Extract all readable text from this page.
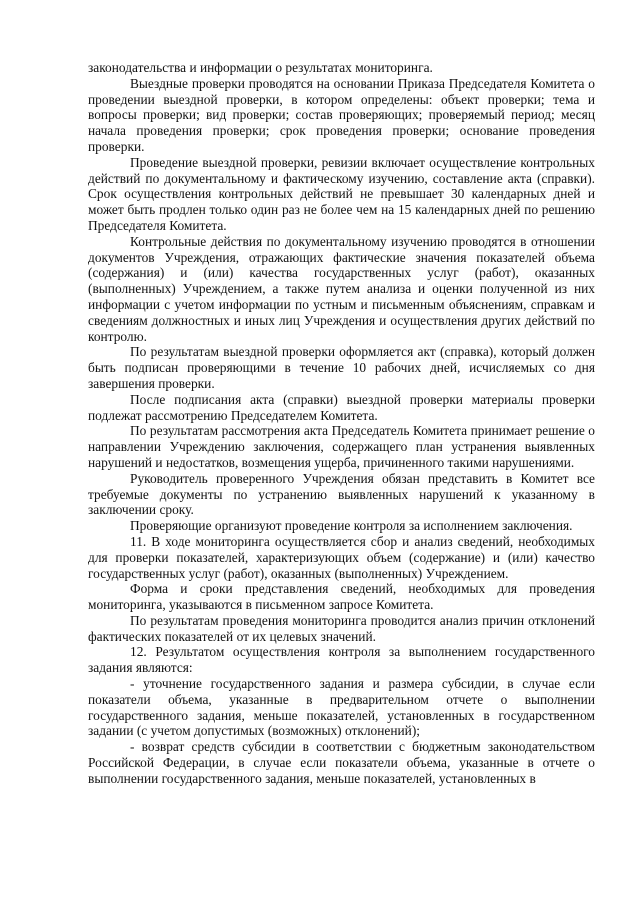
законодательства и информации о результатах мониторинга.

Выездные проверки проводятся на основании Приказа Председателя Комитета о проведении выездной проверки, в котором определены: объект проверки; тема и вопросы проверки; вид проверки; состав проверяющих; проверяемый период; месяц начала проведения проверки; срок проведения проверки; основание проведения проверки.

Проведение выездной проверки, ревизии включает осуществление контрольных действий по документальному и фактическому изучению, составление акта (справки). Срок осуществления контрольных действий не превышает 30 календарных дней и может быть продлен только один раз не более чем на 15 календарных дней по решению Председателя Комитета.

Контрольные действия по документальному изучению проводятся в отношении документов Учреждения, отражающих фактические значения показателей объема (содержания) и (или) качества государственных услуг (работ), оказанных (выполненных) Учреждением, а также путем анализа и оценки полученной из них информации с учетом информации по устным и письменным объяснениям, справкам и сведениям должностных и иных лиц Учреждения и осуществления других действий по контролю.

По результатам выездной проверки оформляется акт (справка), который должен быть подписан проверяющими в течение 10 рабочих дней, исчисляемых со дня завершения проверки.

После подписания акта (справки) выездной проверки материалы проверки подлежат рассмотрению Председателем Комитета.

По результатам рассмотрения акта Председатель Комитета принимает решение о направлении Учреждению заключения, содержащего план устранения выявленных нарушений и недостатков, возмещения ущерба, причиненного такими нарушениями.

Руководитель проверенного Учреждения обязан представить в Комитет все требуемые документы по устранению выявленных нарушений к указанному в заключении сроку.

Проверяющие организуют проведение контроля за исполнением заключения.

11. В ходе мониторинга осуществляется сбор и анализ сведений, необходимых для проверки показателей, характеризующих объем (содержание) и (или) качество государственных услуг (работ), оказанных (выполненных) Учреждением.

Форма и сроки представления сведений, необходимых для проведения мониторинга, указываются в письменном запросе Комитета.

По результатам проведения мониторинга проводится анализ причин отклонений фактических показателей от их целевых значений.

12. Результатом осуществления контроля за выполнением государственного задания являются:

- уточнение государственного задания и размера субсидии, в случае если показатели объема, указанные в предварительном отчете о выполнении государственного задания, меньше показателей, установленных в государственном задании (с учетом допустимых (возможных) отклонений);

- возврат средств субсидии в соответствии с бюджетным законодательством Российской Федерации, в случае если показатели объема, указанные в отчете о выполнении государственного задания, меньше показателей, установленных в
